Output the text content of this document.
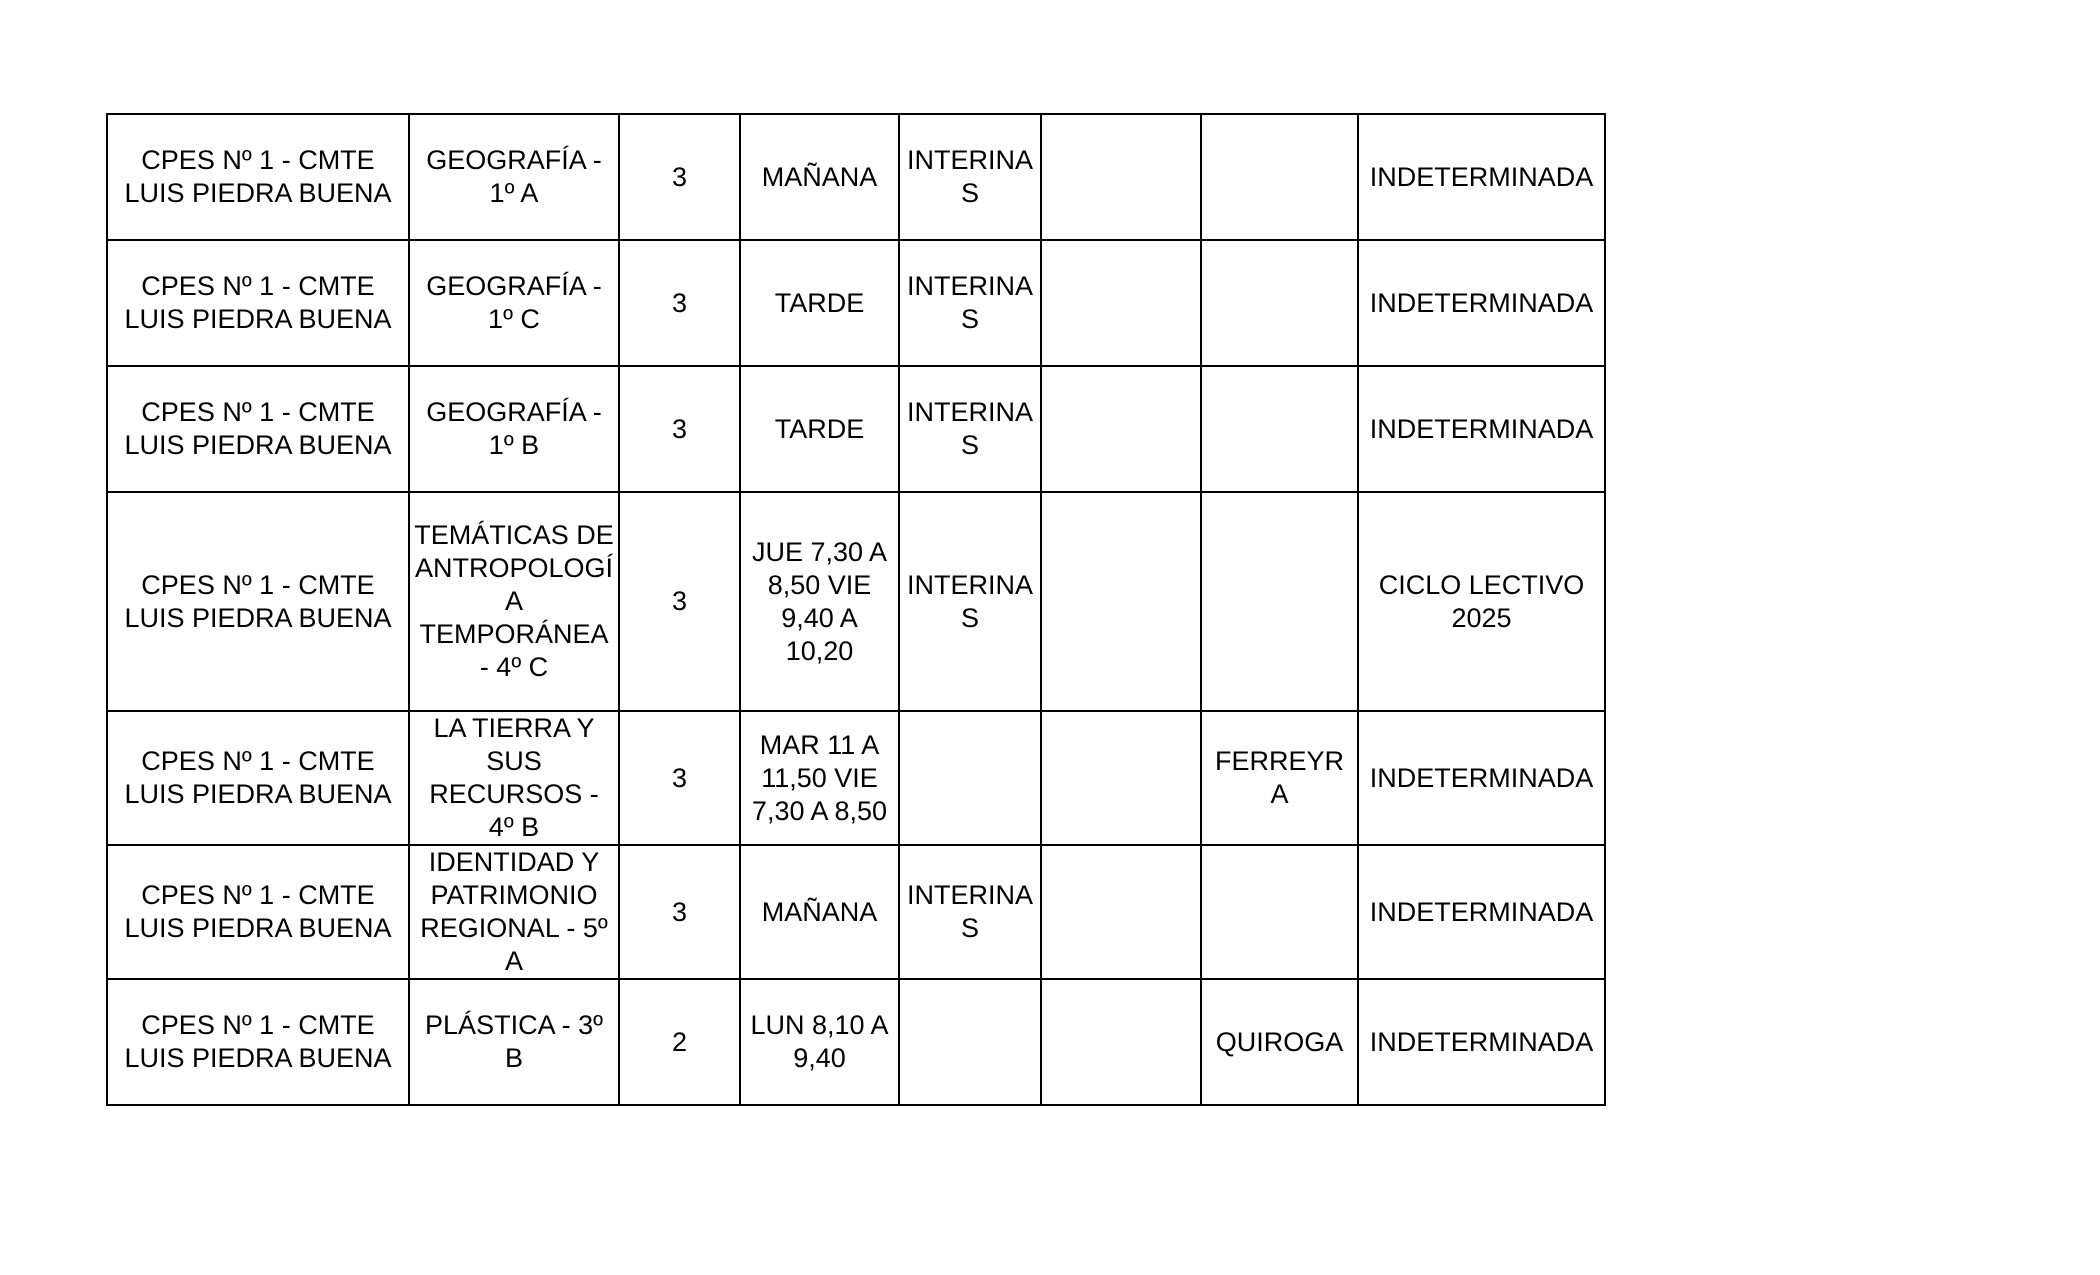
CPES Nº 1 - CMTE LUIS PIEDRA BUENA	GEOGRAFÍA - 1º A	3	MAÑANA	INTERINA S			INDETERMINADA
CPES Nº 1 - CMTE LUIS PIEDRA BUENA	GEOGRAFÍA - 1º C	3	TARDE	INTERINA S			INDETERMINADA
CPES Nº 1 - CMTE LUIS PIEDRA BUENA	GEOGRAFÍA - 1º B	3	TARDE	INTERINA S			INDETERMINADA
CPES Nº 1 - CMTE LUIS PIEDRA BUENA	TEMÁTICAS DE ANTROPOLOGÍ A TEMPORÁNEA - 4º C	3	JUE 7,30 A 8,50 VIE 9,40 A 10,20	INTERINA S			CICLO LECTIVO 2025
CPES Nº 1 - CMTE LUIS PIEDRA BUENA	LA TIERRA Y SUS RECURSOS - 4º B	3	MAR 11 A 11,50 VIE 7,30 A 8,50			FERREYRA	INDETERMINADA
CPES Nº 1 - CMTE LUIS PIEDRA BUENA	IDENTIDAD Y PATRIMONIO REGIONAL - 5º A	3	MAÑANA	INTERINA S			INDETERMINADA
CPES Nº 1 - CMTE LUIS PIEDRA BUENA	PLÁSTICA - 3º B	2	LUN 8,10 A 9,40			QUIROGA	INDETERMINADA
